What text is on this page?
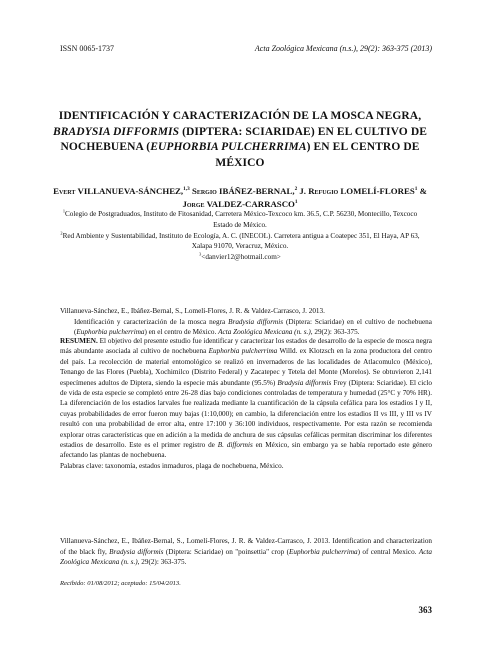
ISSN 0065-1737	Acta Zoológica Mexicana (n.s.), 29(2): 363-375 (2013)
IDENTIFICACIÓN Y CARACTERIZACIÓN DE LA MOSCA NEGRA, BRADYSIA DIFFORMIS (DIPTERA: SCIARIDAE) EN EL CULTIVO DE NOCHEBUENA (EUPHORBIA PULCHERRIMA) EN EL CENTRO DE MÉXICO
Evert VILLANUEVA-SÁNCHEZ,$^{1,3}$ Sergio IBÁÑEZ-BERNAL,$^2$ J. Refugio LOMELÍ-FLORES$^1$ & Jorge VALDEZ-CARRASCO$^1$

$^1$Colegio de Postgraduados, Instituto de Fitosanidad, Carretera México-Texcoco km. 36.5, C.P. 56230, Montecillo, Texcoco Estado de México.

$^2$Red Ambiente y Sustentabilidad, Instituto de Ecología, A. C. (INECOL). Carretera antigua a Coatepec 351, El Haya, AP 63, Xalapa 91070, Veracruz, México.

$^3$<danvier12@hotmail.com>

Villanueva-Sánchez, E., Ibáñez-Bernal, S., Lomelí-Flores, J. R. & Valdez-Carrasco, J. 2013.
Identificación y caracterización de la mosca negra Bradysia difformis (Diptera: Sciaridae) en el cultivo de nochebuena (Euphorbia pulcherrima) en el centro de México. Acta Zoológica Mexicana (n. s.), 29(2): 363-375.
RESUMEN. El objetivo del presente estudio fue identificar y caracterizar los estados de desarrollo de la especie de mosca negra más abundante asociada al cultivo de nochebuena Euphorbia pulcherrima Willd. ex Klotzsch en la zona productora del centro del país. La recolección de material entomológico se realizó en invernaderos de las localidades de Atlacomulco (México), Tenango de las Flores (Puebla), Xochimilco (Distrito Federal) y Zacatepec y Tetela del Monte (Morelos). Se obtuvieron 2,141 especímenes adultos de Diptera, siendo la especie más abundante (95.5%) Bradysia difformis Frey (Diptera: Sciaridae). El ciclo de vida de esta especie se completó entre 26-28 días bajo condiciones controladas de temperatura y humedad (25°C y 70% HR). La diferenciación de los estadios larvales fue realizada mediante la cuantificación de la cápsula cefálica para los estadios I y II, cuyas probabilidades de error fueron muy bajas (1:10,000); en cambio, la diferenciación entre los estadios II vs III, y III vs IV resultó con una probabilidad de error alta, entre 17:100 y 36:100 individuos, respectivamente. Por esta razón se recomienda explorar otras características que en adición a la medida de anchura de sus cápsulas cefálicas permitan discriminar los diferentes estadios de desarrollo. Este es el primer registro de B. difformis en México, sin embargo ya se había reportado este género afectando las plantas de nochebuena.
Palabras clave: taxonomía, estados inmaduros, plaga de nochebuena, México.
Villanueva-Sánchez, E., Ibáñez-Bernal, S., Lomelí-Flores, J. R. & Valdez-Carrasco, J. 2013. Identification and characterization of the black fly, Bradysia difformis (Diptera: Sciaridae) on "poinsettia" crop (Euphorbia pulcherrima) of central Mexico. Acta Zoológica Mexicana (n. s.), 29(2): 363-375.
Recibido: 01/08/2012; aceptado: 15/04/2013.
363
